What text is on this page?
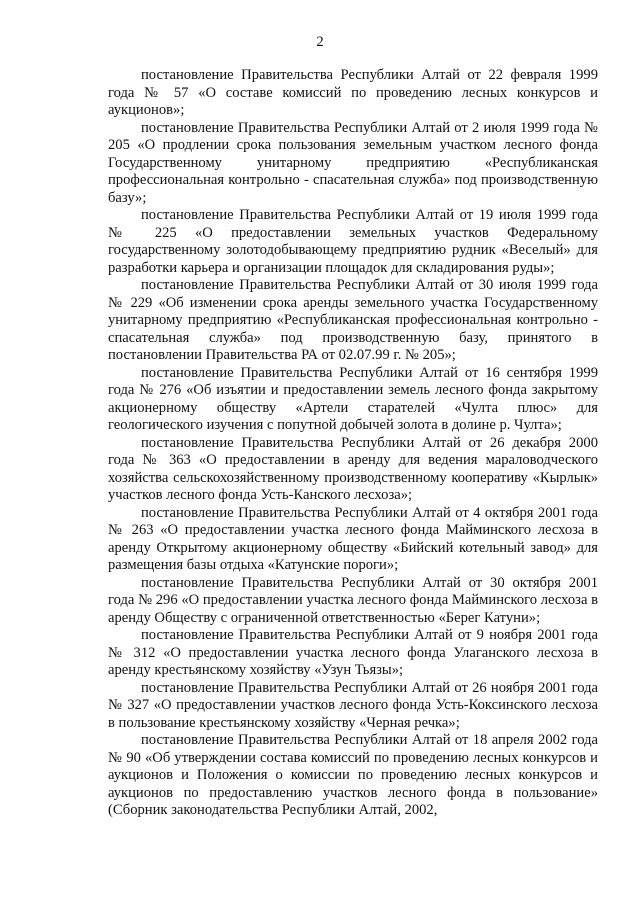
2

постановление Правительства Республики Алтай от 22 февраля 1999 года № 57 «О составе комиссий по проведению лесных конкурсов и аукционов»;

постановление Правительства Республики Алтай от 2 июля 1999 года № 205 «О продлении срока пользования земельным участком лесного фонда Государственному унитарному предприятию «Республиканская профессиональная контрольно - спасательная служба» под производственную базу»;

постановление Правительства Республики Алтай от 19 июля 1999 года № 225 «О предоставлении земельных участков Федеральному государственному золотодобывающему предприятию рудник «Веселый» для разработки карьера и организации площадок для складирования руды»;

постановление Правительства Республики Алтай от 30 июля 1999 года № 229 «Об изменении срока аренды земельного участка Государственному унитарному предприятию «Республиканская профессиональная контрольно - спасательная служба» под производственную базу, принятого в постановлении Правительства РА от 02.07.99 г. № 205»;

постановление Правительства Республики Алтай от 16 сентября 1999 года № 276 «Об изъятии и предоставлении земель лесного фонда закрытому акционерному обществу «Артели старателей «Чулта плюс» для геологического изучения с попутной добычей золота в долине р. Чулта»;

постановление Правительства Республики Алтай от 26 декабря 2000 года № 363 «О предоставлении в аренду для ведения мараловодческого хозяйства сельскохозяйственному производственному кооперативу «Кырлык» участков лесного фонда Усть-Канского лесхоза»;

постановление Правительства Республики Алтай от 4 октября 2001 года № 263 «О предоставлении участка лесного фонда Майминского лесхоза в аренду Открытому акционерному обществу «Бийский котельный завод» для размещения базы отдыха «Катунские пороги»;

постановление Правительства Республики Алтай от 30 октября 2001 года № 296 «О предоставлении участка лесного фонда Майминского лесхоза в аренду Обществу с ограниченной ответственностью «Берег Катуни»;

постановление Правительства Республики Алтай от 9 ноября 2001 года № 312 «О предоставлении участка лесного фонда Улаганского лесхоза в аренду крестьянскому хозяйству «Узун Тьязы»;

постановление Правительства Республики Алтай от 26 ноября 2001 года № 327 «О предоставлении участков лесного фонда Усть-Коксинского лесхоза в пользование крестьянскому хозяйству «Черная речка»;

постановление Правительства Республики Алтай от 18 апреля 2002 года № 90 «Об утверждении состава комиссий по проведению лесных конкурсов и аукционов и Положения о комиссии по проведению лесных конкурсов и аукционов по предоставлению участков лесного фонда в пользование» (Сборник законодательства Республики Алтай, 2002,
